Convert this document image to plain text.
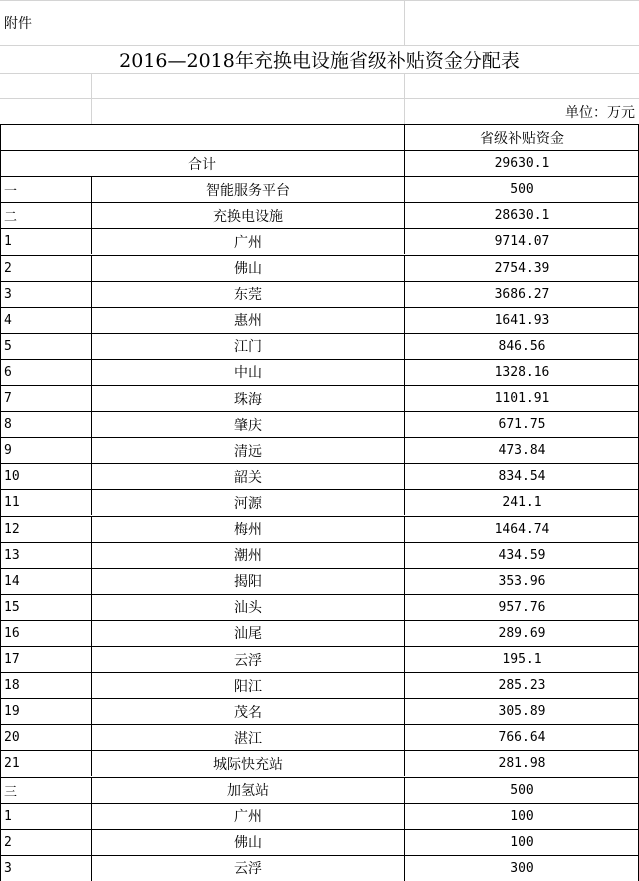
附件
2016—2018年充换电设施省级补贴资金分配表
单位：万元
省级补贴资金
合计	29630.1
一	智能服务平台	500
二	充换电设施	28630.1
1	广州	9714.07
2	佛山	2754.39
3	东莞	3686.27
4	惠州	1641.93
5	江门	846.56
6	中山	1328.16
7	珠海	1101.91
8	肇庆	671.75
9	清远	473.84
10	韶关	834.54
11	河源	241.1
12	梅州	1464.74
13	潮州	434.59
14	揭阳	353.96
15	汕头	957.76
16	汕尾	289.69
17	云浮	195.1
18	阳江	285.23
19	茂名	305.89
20	湛江	766.64
21	城际快充站	281.98
三	加氢站	500
1	广州	100
2	佛山	100
3	云浮	300
